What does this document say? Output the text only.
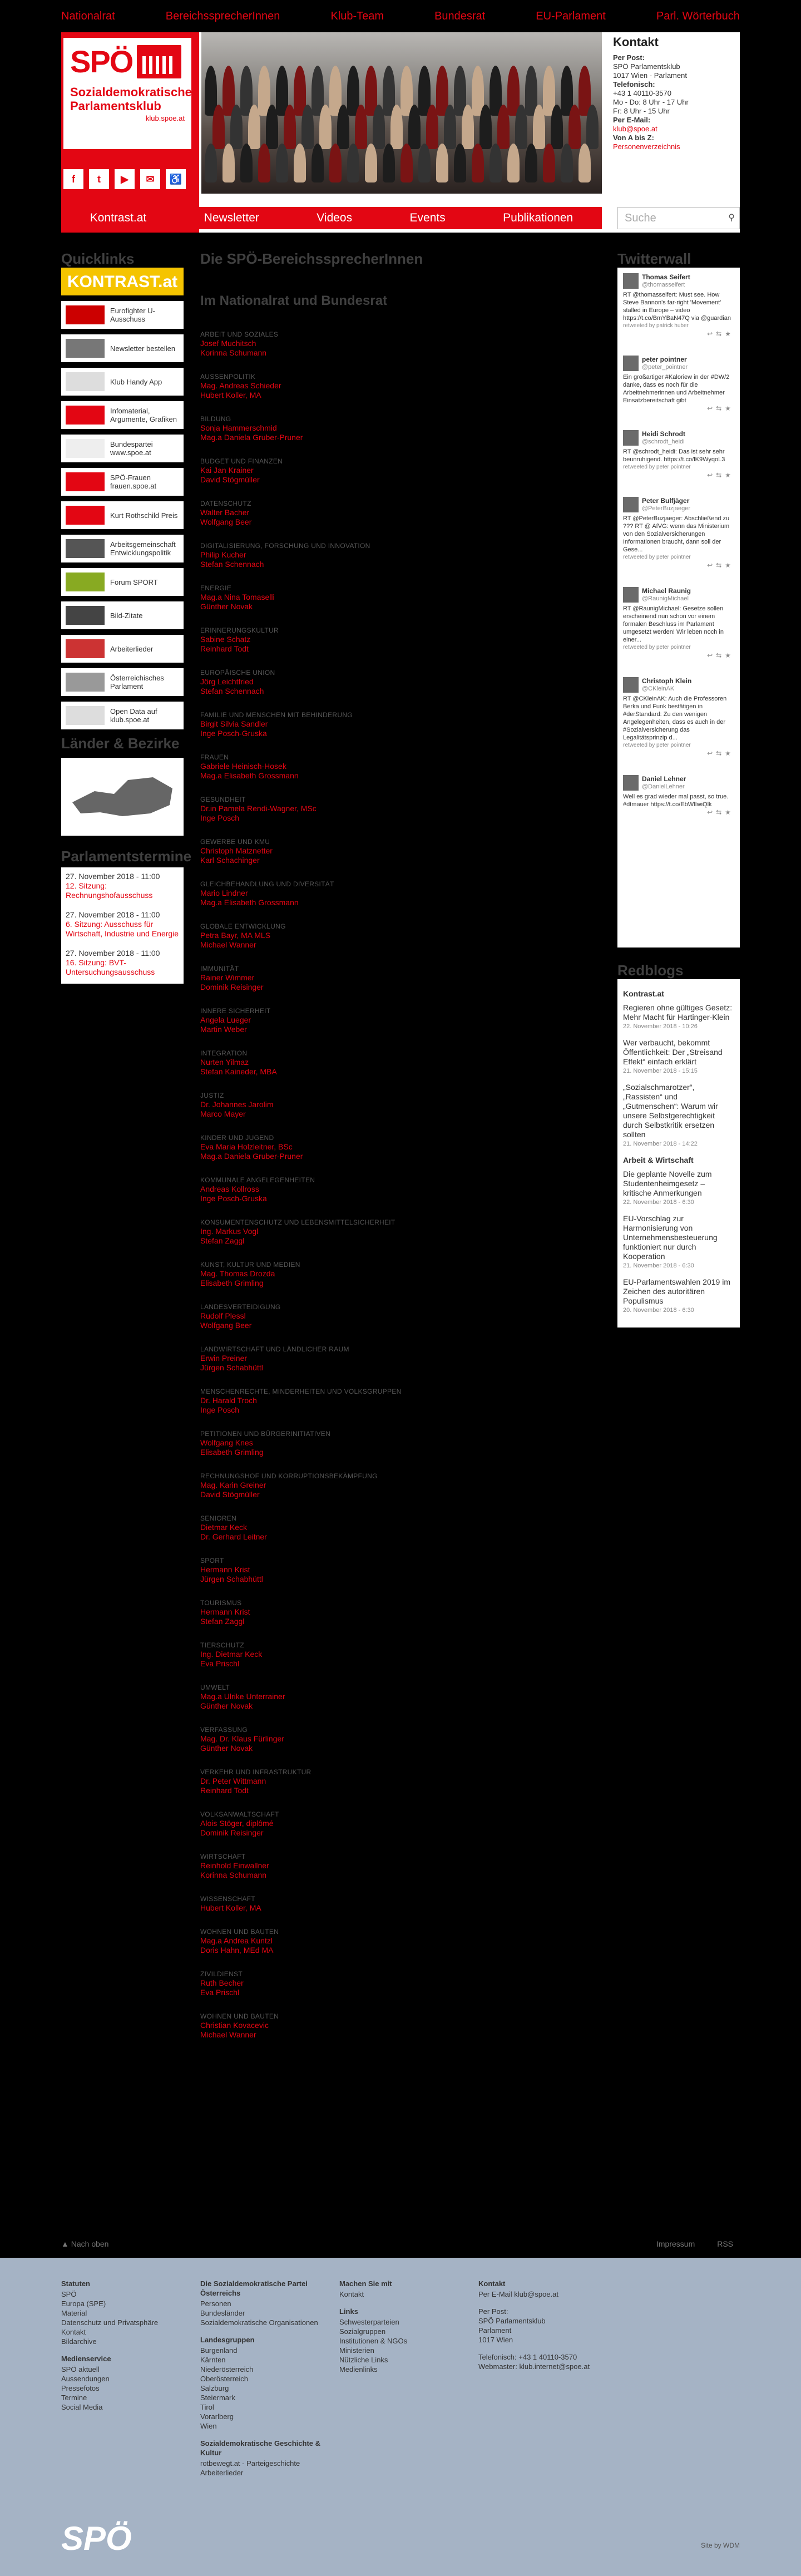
Nationalrat	BereichssprecherInnen	Klub-Team	Bundesrat	EU-Parlament	Parl. Wörterbuch
SPÖ
Sozialdemokratischer
Parlamentsklub
klub.spoe.at
f	t	▶	✉	♿
Kontakt
Per Post:
SPÖ Parlamentsklub
1017 Wien - Parlament
Telefonisch:
+43 1 40110-3570
Mo - Do: 8 Uhr - 17 Uhr
Fr: 8 Uhr - 15 Uhr
Per E-Mail:
klub@spoe.at
Von A bis Z:
Personenverzeichnis
Kontrast.at	Newsletter	Videos	Events	Publikationen	Suche	⚲
Quicklinks
KONTRAST.at
Eurofighter U-Ausschuss
Newsletter bestellen
Klub Handy App
Infomaterial, Argumente, Grafiken
Bundespartei www.spoe.at
SPÖ-Frauen frauen.spoe.at
Kurt Rothschild Preis
Arbeitsgemeinschaft Entwicklungspolitik
Forum SPORT
Bild-Zitate
Arbeiterlieder
Österreichisches Parlament
Open Data auf klub.spoe.at
Länder & Bezirke
Parlamentstermine

27. November 2018 - 11:00
12. Sitzung: Rechnungshofausschuss

27. November 2018 - 11:00
6. Sitzung: Ausschuss für Wirtschaft, Industrie und Energie

27. November 2018 - 11:00
16. Sitzung: BVT-Untersuchungsausschuss

Die SPÖ-BereichssprecherInnen
Im Nationalrat und Bundesrat
ARBEIT UND SOZIALES
Josef Muchitsch
Korinna Schumann
AUSSENPOLITIK
Mag. Andreas Schieder
Hubert Koller, MA
BILDUNG
Sonja Hammerschmid
Mag.a Daniela Gruber-Pruner
BUDGET UND FINANZEN
Kai Jan Krainer
David Stögmüller
DATENSCHUTZ
Walter Bacher
Wolfgang Beer
DIGITALISIERUNG, FORSCHUNG UND INNOVATION
Philip Kucher
Stefan Schennach
ENERGIE
Mag.a Nina Tomaselli
Günther Novak
ERINNERUNGSKULTUR
Sabine Schatz
Reinhard Todt
EUROPÄISCHE UNION
Jörg Leichtfried
Stefan Schennach
FAMILIE UND MENSCHEN MIT BEHINDERUNG
Birgit Silvia Sandler
Inge Posch-Gruska
FRAUEN
Gabriele Heinisch-Hosek
Mag.a Elisabeth Grossmann
GESUNDHEIT
Dr.in Pamela Rendi-Wagner, MSc
Inge Posch
GEWERBE UND KMU
Christoph Matznetter
Karl Schachinger
GLEICHBEHANDLUNG UND DIVERSITÄT
Mario Lindner
Mag.a Elisabeth Grossmann
GLOBALE ENTWICKLUNG
Petra Bayr, MA MLS
Michael Wanner
IMMUNITÄT
Rainer Wimmer
Dominik Reisinger
INNERE SICHERHEIT
Angela Lueger
Martin Weber
INTEGRATION
Nurten Yilmaz
Stefan Kaineder, MBA
JUSTIZ
Dr. Johannes Jarolim
Marco Mayer
KINDER UND JUGEND
Eva Maria Holzleitner, BSc
Mag.a Daniela Gruber-Pruner
KOMMUNALE ANGELEGENHEITEN
Andreas Kollross
Inge Posch-Gruska
KONSUMENTENSCHUTZ UND LEBENSMITTELSICHERHEIT
Ing. Markus Vogl
Stefan Zaggl
KUNST, KULTUR UND MEDIEN
Mag. Thomas Drozda
Elisabeth Grimling
LANDESVERTEIDIGUNG
Rudolf Plessl
Wolfgang Beer
LANDWIRTSCHAFT UND LÄNDLICHER RAUM
Erwin Preiner
Jürgen Schabhüttl
MENSCHENRECHTE, MINDERHEITEN UND VOLKSGRUPPEN
Dr. Harald Troch
Inge Posch
PETITIONEN UND BÜRGERINITIATIVEN
Wolfgang Knes
Elisabeth Grimling
RECHNUNGSHOF UND KORRUPTIONSBEKÄMPFUNG
Mag. Karin Greiner
David Stögmüller
SENIOREN
Dietmar Keck
Dr. Gerhard Leitner
SPORT
Hermann Krist
Jürgen Schabhüttl
TOURISMUS
Hermann Krist
Stefan Zaggl
TIERSCHUTZ
Ing. Dietmar Keck
Eva Prischl
UMWELT
Mag.a Ulrike Unterrainer
Günther Novak
VERFASSUNG
Mag. Dr. Klaus Fürlinger
Günther Novak
VERKEHR UND INFRASTRUKTUR
Dr. Peter Wittmann
Reinhard Todt
VOLKSANWALTSCHAFT
Alois Stöger, diplômé
Dominik Reisinger
WIRTSCHAFT
Reinhold Einwallner
Korinna Schumann
WISSENSCHAFT
Hubert Koller, MA
WOHNEN UND BAUTEN
Mag.a Andrea Kuntzl
Doris Hahn, MEd MA
ZIVILDIENST
Ruth Becher
Eva Prischl
WOHNEN UND BAUTEN
Christian Kovacevic
Michael Wanner
Twitterwall
Thomas Seifert
@thomasseifert
RT @thomasseifert: Must see. How Steve Bannon's far-right 'Movement' stalled in Europe – video https://t.co/BmYBaN47Q via @guardian
retweeted by patrick huber
↩⇆★
peter pointner
@peter_pointner
Ein großartiger #Kaloriew in der #DW/2 danke, dass es noch für die Arbeitnehmerinnen und Arbeitnehmer Einsatzbereitschaft gibt
↩⇆★
Heidi Schrodt
@schrodt_heidi
RT @schrodt_heidi: Das ist sehr sehr beunruhigend. https://t.co/lK9WyqoL3
retweeted by peter pointner
↩⇆★
Peter Bulfjäger
@PeterBuzjaeger
RT @PeterBuzjaeger: Abschließend zu ??? RT @ AfVG: wenn das Ministerium von den Sozialversicherungen Informationen braucht, dann soll der Gese...
retweeted by peter pointner
↩⇆★
Michael Raunig
@RaunigMichael
RT @RaunigMichael: Gesetze sollen erscheinend nun schon vor einem formalen Beschluss im Parlament umgesetzt werden! Wir leben noch in einer...
retweeted by peter pointner
↩⇆★
Christoph Klein
@CKleinAK
RT @CKleinAK: Auch die Professoren Berka und Funk bestätigen in #derStandard: Zu den wenigen Angelegenheiten, dass es auch in der #Sozialversicherung das Legalitätsprinzip d...
retweeted by peter pointner
↩⇆★
Daniel Lehner
@DanielLehner
Well es grad wieder mal passt, so true. #dtmauer https://t.co/EbWlIwiQlk
↩⇆★
Redblogs
Kontrast.at
Regieren ohne gültiges Gesetz: Mehr Macht für Hartinger-Klein
22. November 2018 - 10:26
Wer verbaucht, bekommt Öffentlichkeit: Der „Streisand Effekt“ einfach erklärt
21. November 2018 - 15:15
„Sozialschmarotzer“, „Rassisten“ und „Gutmenschen“: Warum wir unsere Selbstgerechtigkeit durch Selbstkritik ersetzen sollten
21. November 2018 - 14:22
Arbeit & Wirtschaft
Die geplante Novelle zum Studentenheimgesetz – kritische Anmerkungen
22. November 2018 - 6:30
EU-Vorschlag zur Harmonisierung von Unternehmensbesteuerung funktioniert nur durch Kooperation
21. November 2018 - 6:30
EU-Parlamentswahlen 2019 im Zeichen des autoritären Populismus
20. November 2018 - 6:30
▲ Nach oben	Impressum	RSS
Statuten
SPÖ
Europa (SPE)
Material
Datenschutz und Privatsphäre
Kontakt
Bildarchive
Medienservice
SPÖ aktuell
Aussendungen
Pressefotos
Termine
Social Media
Die Sozialdemokratische Partei Österreichs
Personen
Bundesländer
Sozialdemokratische Organisationen
Landesgruppen
Burgenland
Kärnten
Niederösterreich
Oberösterreich
Salzburg
Steiermark
Tirol
Vorarlberg
Wien
Sozialdemokratische Geschichte & Kultur
rotbewegt.at - Parteigeschichte
Arbeiterlieder
Machen Sie mit
Kontakt
Links
Schwesterparteien
Sozialgruppen
Institutionen & NGOs
Ministerien
Nützliche Links
Medienlinks
Kontakt
Per E-Mail klub@spoe.at
Per Post:
SPÖ Parlamentsklub
Parlament
1017 Wien
Telefonisch: +43 1 40110-3570
Webmaster: klub.internet@spoe.at
SPÖ	Site by WDM
